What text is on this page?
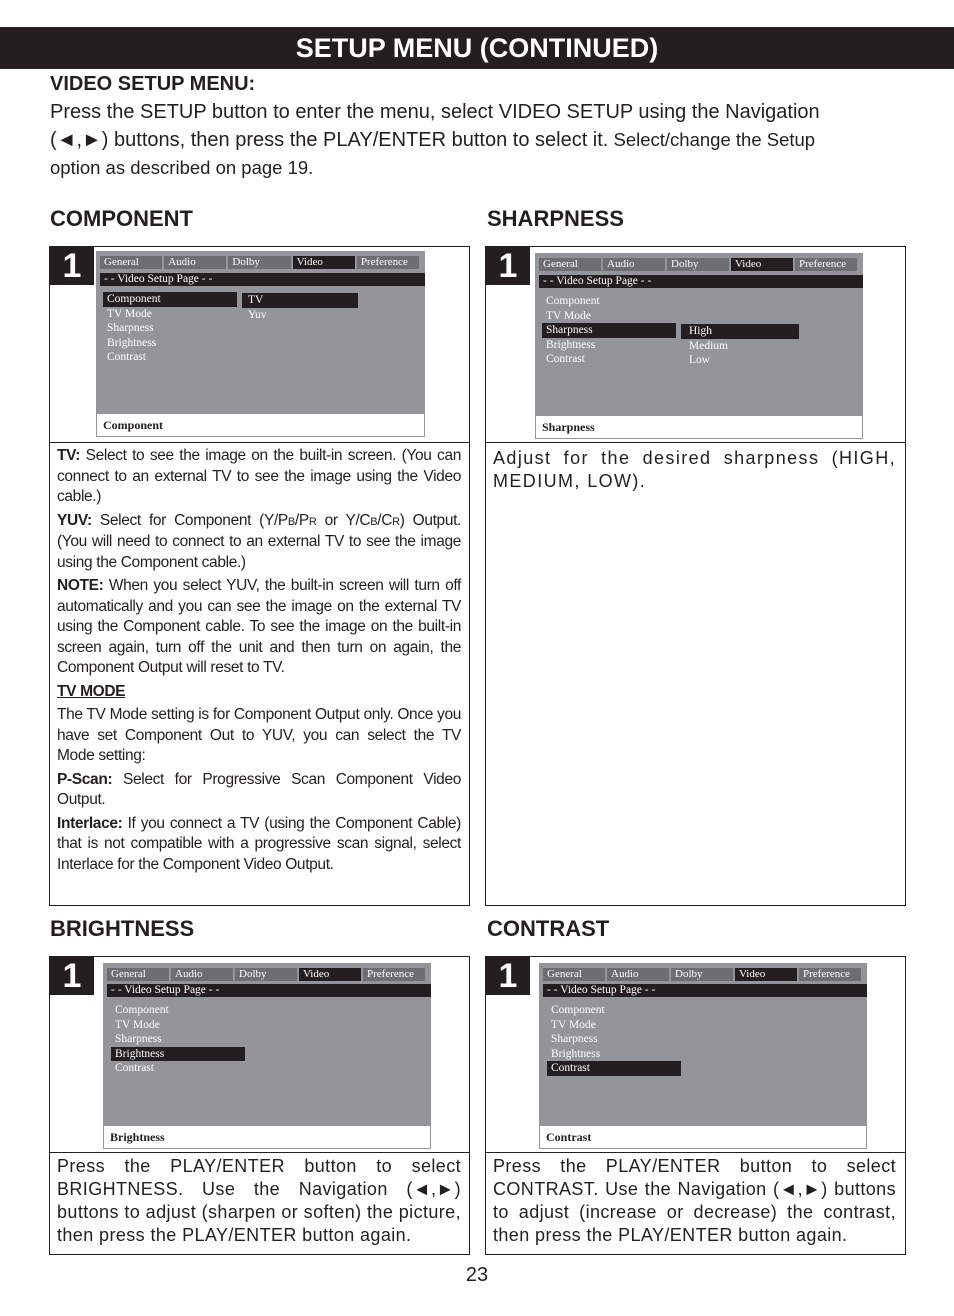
SETUP MENU (CONTINUED)
VIDEO SETUP MENU:
Press the SETUP button to enter the menu, select VIDEO SETUP using the Navigation
(◄,►) buttons, then press the PLAY/ENTER button to select it. Select/change the Setup
option as described on page 19.
COMPONENT	SHARPNESS
BRIGHTNESS	CONTRAST
1	General	Audio	Dolby	Video	Preference
- - Video Setup Page - -
Component
TV Mode
Sharpness
Brightness
Contrast
TV
Yuv
Component

TV: Select to see the image on the built-in screen. (You can connect to an external TV to see the image using the Video cable.)

YUV: Select for Component (Y/PB/PR or Y/CB/CR) Output. (You will need to connect to an external TV to see the image using the Component cable.)

NOTE: When you select YUV, the built-in screen will turn off automatically and you can see the image on the external TV using the Component cable. To see the image on the built-in screen again, turn off the unit and then turn on again, the Component Output will reset to TV.

TV MODE

The TV Mode setting is for Component Output only. Once you have set Component Out to YUV, you can select the TV Mode setting:

P-Scan: Select for Progressive Scan Component Video Output.

Interlace: If you connect a TV (using the Component Cable) that is not compatible with a progressive scan signal, select Interlace for the Component Video Output.

1	General	Audio	Dolby	Video	Preference
- - Video Setup Page - -
Component
TV Mode
Sharpness
Brightness
Contrast
High
Medium
Low
Sharpness
Adjust for the desired sharpness (HIGH, MEDIUM, LOW).
1	General	Audio	Dolby	Video	Preference
- - Video Setup Page - -
Component
TV Mode
Sharpness
Brightness
Contrast
Brightness
Press the PLAY/ENTER button to select BRIGHTNESS. Use the Navigation (◄,►) buttons to adjust (sharpen or soften) the picture, then press the PLAY/ENTER button again.
1	General	Audio	Dolby	Video	Preference
- - Video Setup Page - -
Component
TV Mode
Sharpness
Brightness
Contrast
Contrast
Press the PLAY/ENTER button to select CONTRAST. Use the Navigation (◄,►) buttons to adjust (increase or decrease) the contrast, then press the PLAY/ENTER button again.
23
